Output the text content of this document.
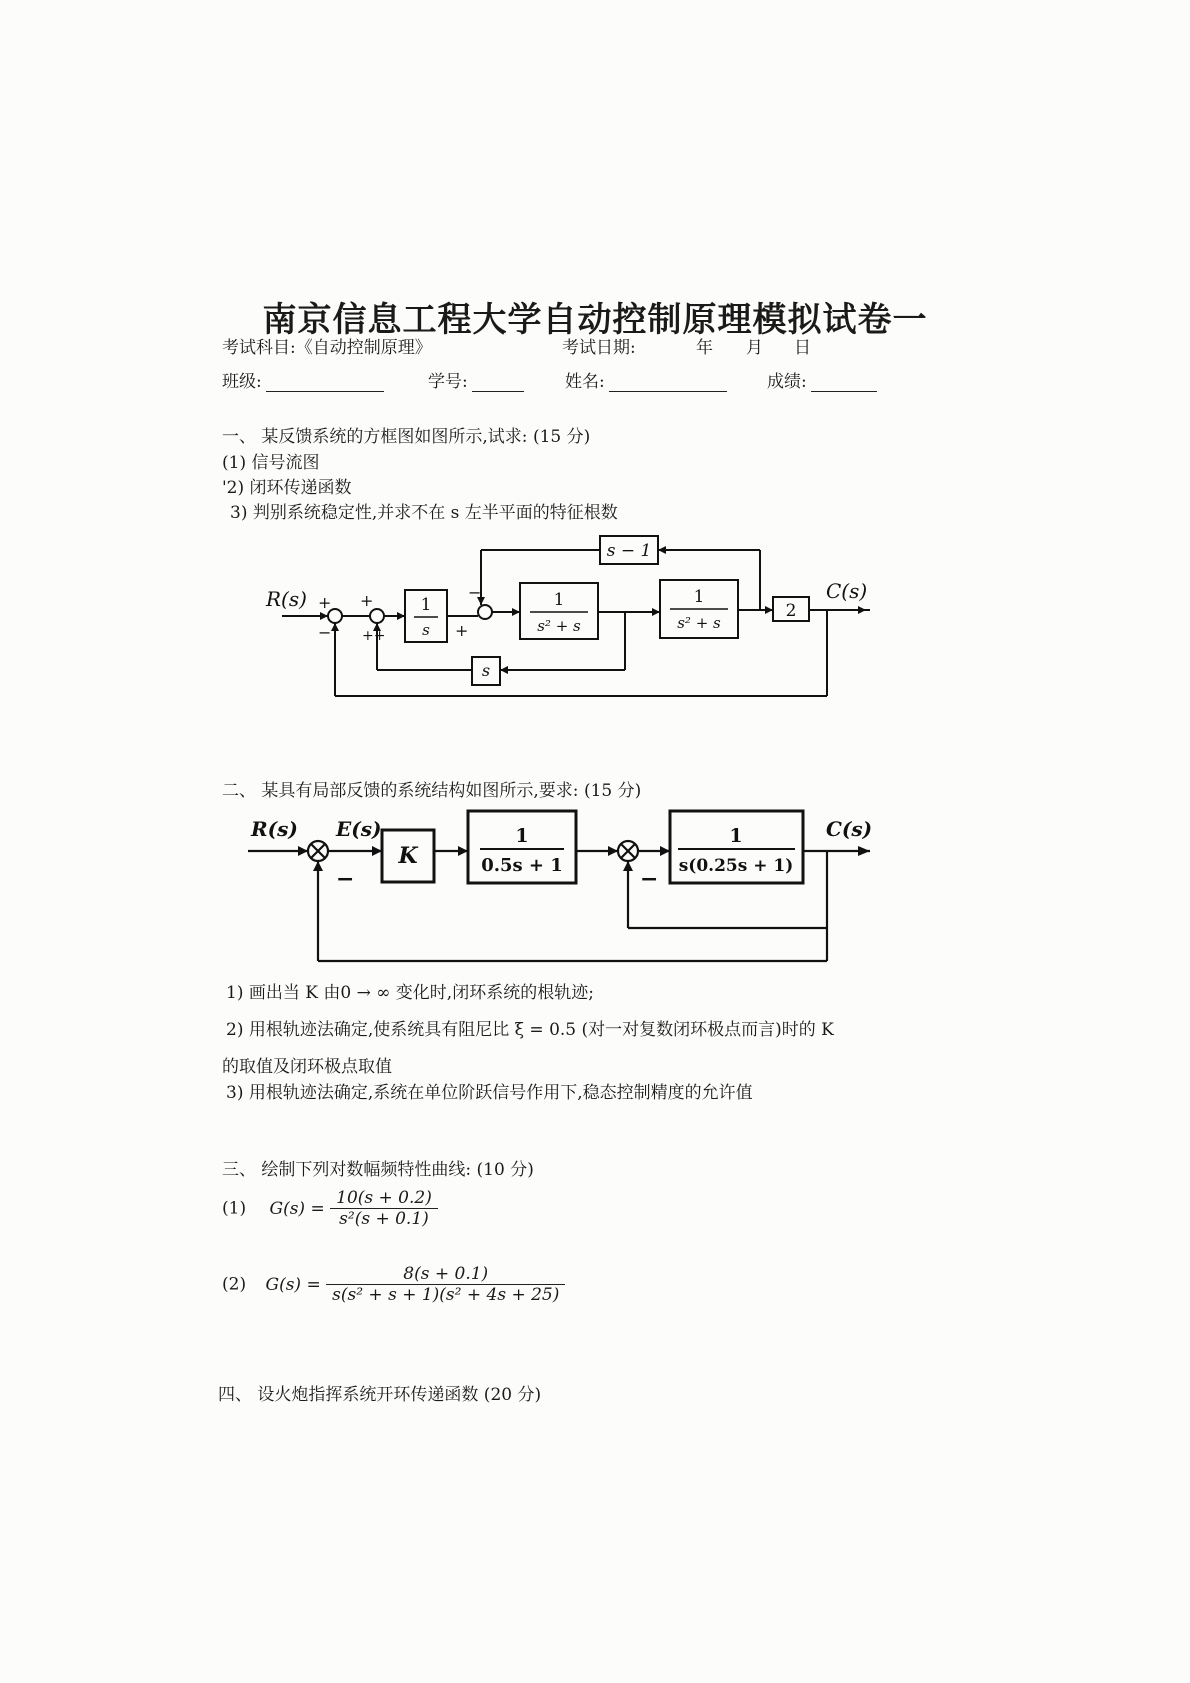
南京信息工程大学自动控制原理模拟试卷一
考试科目:《自动控制原理》	考试日期:	年 月 日
班级:	学号:	姓名:	成绩:
一、 某反馈系统的方框图如图所示,试求: (15 分)
(1) 信号流图
'2) 闭环传递函数
3) 判别系统稳定性,并求不在 s 左半平面的特征根数
R(s) +
−
+
++	+
−
1
s
1
s² + s
1
s² + s
2
s − 1
s
C(s)
二、 某具有局部反馈的系统结构如图所示,要求: (15 分)
R(s) E(s)
−	−
K
1
0.5s + 1
1
s(0.25s + 1)
C(s)
1) 画出当 K 由0 → ∞ 变化时,闭环系统的根轨迹;
2) 用根轨迹法确定,使系统具有阻尼比 ξ = 0.5 (对一对复数闭环极点而言)时的 K
的取值及闭环极点取值
3) 用根轨迹法确定,系统在单位阶跃信号作用下,稳态控制精度的允许值
三、 绘制下列对数幅频特性曲线: (10 分)
(1) $G(s) = \frac{10(s + 0.2)}{\text{s²(s + 0.1)}}$
(2) $G(s) = \frac{8(s + 0.1)}{\text{s(s² + s + 1)(s² + 4s + 25)}}$
四、 设火炮指挥系统开环传递函数 (20 分)
